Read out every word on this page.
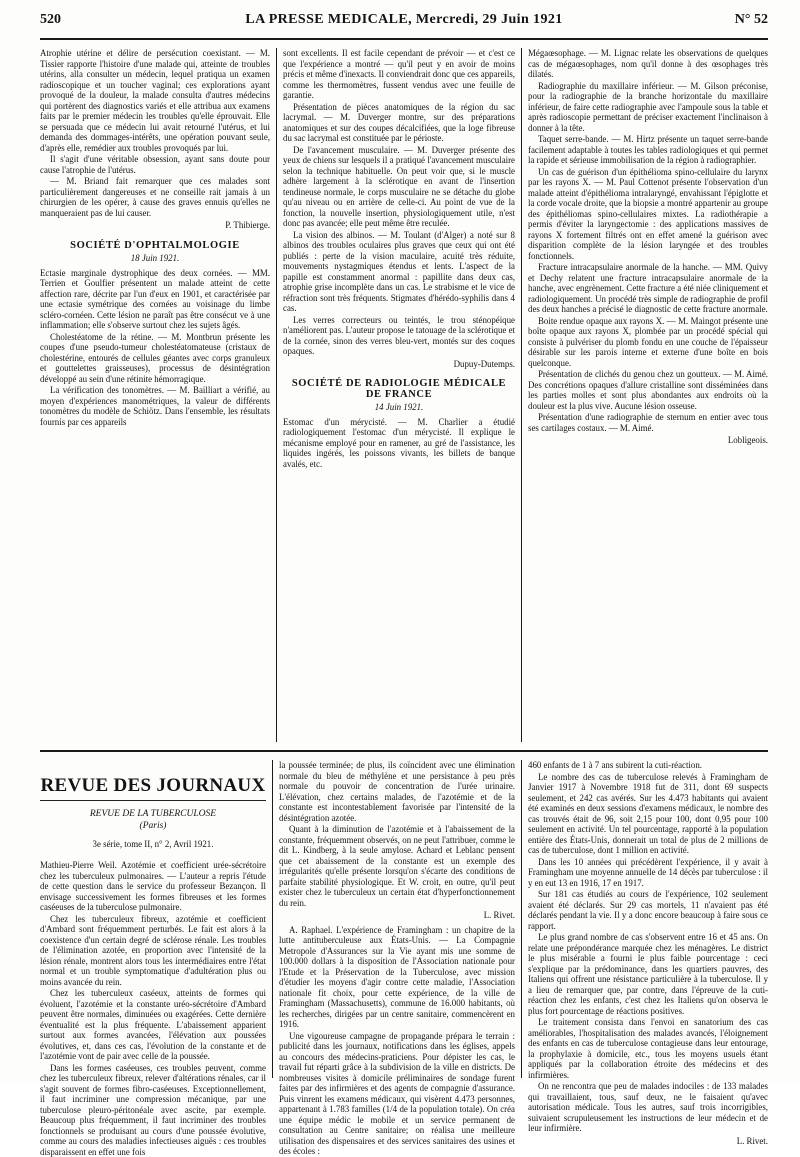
520	LA PRESSE MEDICALE, Mercredi, 29 Juin 1921	N° 52

Atrophie utérine et délire de persécution coexistant. — M. Tissier rapporte l'histoire d'une malade qui, atteinte de troubles utérins, alla consulter un médecin, lequel pratiqua un examen radioscopique et un toucher vaginal; ces explorations ayant provoqué de la douleur, la malade consulta d'autres médecins qui portèrent des diagnostics variés et elle attribua aux examens faits par le premier médecin les troubles qu'elle éprouvait. Elle se persuada que ce médecin lui avait retourné l'utérus, et lui demanda des dommages-intérêts, une opération pouvant seule, d'après elle, remédier aux troubles provoqués par lui.

Il s'agit d'une véritable obsession, ayant sans doute pour cause l'atrophie de l'utérus.

— M. Briand fait remarquer que ces malades sont particulièrement dangereuses et ne conseille rait jamais à un chirurgien de les opérer, à cause des graves ennuis qu'elles ne manqueraient pas de lui causer.

P. Thibierge.

SOCIÉTÉ D'OPHTALMOLOGIE

18 Juin 1921.

Ectasie marginale dystrophique des deux cornées. — MM. Terrien et Goulfier présentent un malade atteint de cette affection rare, décrite par l'un d'eux en 1901, et caractérisée par une ectasie symétrique des cornées au voisinage du limbe scléro-cornéen. Cette lésion ne paraît pas être consécut ve à une inflammation; elle s'observe surtout chez les sujets âgés.

Cholestéatome de la rétine. — M. Montbrun présente les coupes d'une pseudo-tumeur cholestéatomateuse (cristaux de cholestérine, entourés de cellules géantes avec corps granuleux et gouttelettes graisseuses), processus de désintégration développé au sein d'une rétinite hémorragique.

La vérification des tonomètres. — M. Bailliart a vérifié, au moyen d'expériences manométriques, la valeur de différents tonomètres du modèle de Schiötz. Dans l'ensemble, les résultats fournis par ces appareils

sont excellents. Il est facile cependant de prévoir — et c'est ce que l'expérience a montré — qu'il peut y en avoir de moins précis et même d'inexacts. Il conviendrait donc que ces appareils, comme les thermomètres, fussent vendus avec une feuille de garantie.

Présentation de pièces anatomiques de la région du sac lacrymal. — M. Duverger montre, sur des préparations anatomiques et sur des coupes décalcifiées, que la loge fibreuse du sac lacrymal est constituée par le périoste.

De l'avancement musculaire. — M. Duverger présente des yeux de chiens sur lesquels il a pratiqué l'avancement musculaire selon la technique habituelle. On peut voir que, si le muscle adhère largement à la sclérotique en avant de l'insertion tendineuse normale, le corps musculaire ne se détache du globe qu'au niveau ou en arrière de celle-ci. Au point de vue de la fonction, la nouvelle insertion, physiologiquement utile, n'est donc pas avancée; elle peut même être reculée.

La vision des albinos. — M. Toulant (d'Alger) a noté sur 8 albinos des troubles oculaires plus graves que ceux qui ont été publiés : perte de la vision maculaire, acuité très réduite, mouvements nystagmiques étendus et lents. L'aspect de la papille est constamment anormal : papillite dans deux cas, atrophie grise incomplète dans un cas. Le strabisme et le vice de réfraction sont très fréquents. Stigmates d'hérédo-syphilis dans 4 cas.

Les verres correcteurs ou teintés, le trou sténopéique n'améliorent pas. L'auteur propose le tatouage de la sclérotique et de la cornée, sinon des verres bleu-vert, montés sur des coques opaques.

Dupuy-Dutemps.

SOCIÉTÉ DE RADIOLOGIE MÉDICALE DE FRANCE

14 Juin 1921.

Estomac d'un mérycisté. — M. Charlier a étudié radiologiquement l'estomac d'un mérycisté. Il explique le mécanisme employé pour en ramener, au gré de l'assistance, les liquides ingérés, les poissons vivants, les billets de banque avalés, etc.

Mégaœsophage. — M. Lignac relate les observations de quelques cas de mégaœsophages, nom qu'il donne à des œsophages très dilatés.

Radiographie du maxillaire inférieur. — M. Gilson préconise, pour la radiographie de la branche horizontale du maxillaire inférieur, de faire cette radiographie avec l'ampoule sous la table et après radioscopie permettant de préciser exactement l'inclinaison à donner à la tête.

Taquet serre-bande. — M. Hirtz présente un taquet serre-bande facilement adaptable à toutes les tables radiologiques et qui permet la rapide et sérieuse immobilisation de la région à radiographier.

Un cas de guérison d'un épithélioma spino-cellulaire du larynx par les rayons X. — M. Paul Cottenot présente l'observation d'un malade atteint d'épithélioma intralaryngé, envahissant l'épiglotte et la corde vocale droite, que la biopsie a montré appartenir au groupe des épithéliomas spino-cellulaires mixtes. La radiothérapie a permis d'éviter la laryngectomie : des applications massives de rayons X fortement filtrés ont en effet amené la guérison avec disparition complète de la lésion laryngée et des troubles fonctionnels.

Fracture intracapsulaire anormale de la hanche. — MM. Quivy et Dechy relatent une fracture intracapsulaire anormale de la hanche, avec engrènement. Cette fracture a été niée cliniquement et radiologiquement. Un procédé très simple de radiographie de profil des deux hanches a précisé le diagnostic de cette fracture anormale.

Boite rendue opaque aux rayons X. — M. Maingot présente une boîte opaque aux rayons X, plombée par un procédé spécial qui consiste à pulvériser du plomb fondu en une couche de l'épaisseur désirable sur les parois interne et externe d'une boîte en bois quelconque.

Présentation de clichés du genou chez un goutteux. — M. Aimé. Des concrétions opaques d'allure cristalline sont disséminées dans les parties molles et sont plus abondantes aux endroits où la douleur est la plus vive. Aucune lésion osseuse.

Présentation d'une radiographie de sternum en entier avec tous ses cartilages costaux. — M. Aimé.

Lobligeois.

REVUE DES JOURNAUX
REVUE DE LA TUBERCULOSE
(Paris)
3e série, tome II, n° 2, Avril 1921.

Mathieu-Pierre Weil. Azotémie et coefficient urée-sécrétoire chez les tuberculeux pulmonaires. — L'auteur a repris l'étude de cette question dans le service du professeur Bezançon. Il envisage successivement les formes fibreuses et les formes caséeuses de la tuberculose pulmonaire.

Chez les tuberculeux fibreux, azotémie et coefficient d'Ambard sont fréquemment perturbés. Le fait est alors à la coexistence d'un certain degré de sclérose rénale. Les troubles de l'élimination azotée, en proportion avec l'intensité de la lésion rénale, montrent alors tous les intermédiaires entre l'état normal et un trouble symptomatique d'adultération plus ou moins avancée du rein.

Chez les tuberculeux caséeux, atteints de formes qui évoluent, l'azotémie et la constante uréo-sécrétoire d'Ambard peuvent être normales, diminuées ou exagérées. Cette dernière éventualité est la plus fréquente. L'abaissement apparient surtout aux formes avancées, l'élévation aux poussées évolutives, et, dans ces cas, l'évolution de la constante et de l'azotémie vont de pair avec celle de la poussée.

Dans les formes caséeuses, ces troubles peuvent, comme chez les tuberculeux fibreux, relever d'altérations rénales, car il s'agit souvent de formes fibro-caséeuses. Exceptionnellement, il faut incriminer une compression mécanique, par une tuberculose pleuro-péritonéale avec ascite, par exemple. Beaucoup plus fréquemment, il faut incriminer des troubles fonctionnels se produisant au cours d'une poussée évolutive, comme au cours des maladies infectieuses aiguës : ces troubles disparaissent en effet une fois

la poussée terminée; de plus, ils coïncident avec une élimination normale du bleu de méthylène et une persistance à peu près normale du pouvoir de concentration de l'urée urinaire. L'élévation, chez certains malades, de l'azotémie et de la constante est incontestablement favorisée par l'intensité de la désintégration azotée.

Quant à la diminution de l'azotémie et à l'abaissement de la constante, fréquemment observés, on ne peut l'attribuer, comme le dit L. Kindberg, à la seule amylose. Achard et Leblanc pensent que cet abaissement de la constante est un exemple des irrégularités qu'elle présente lorsqu'on s'écarte des conditions de parfaite stabilité physiologique. Et W. croit, en outre, qu'il peut exister chez le tuberculeux un certain état d'hyperfonctionnement du rein.

L. Rivet.

A. Raphael. L'expérience de Framingham : un chapitre de la lutte antituberculeuse aux États-Unis. — La Compagnie Metropole d'Assurances sur la Vie ayant mis une somme de 100.000 dollars à la disposition de l'Association nationale pour l'Etude et la Préservation de la Tuberculose, avec mission d'étudier les moyens d'agir contre cette maladie, l'Association nationale fit choix, pour cette expérience, de la ville de Framingham (Massachusetts), commune de 16.000 habitants, où les recherches, dirigées par un centre sanitaire, commencèrent en 1916.

Une vigoureuse campagne de propagande prépara le terrain : publicité dans les journaux, notifications dans les églises, appels au concours des médecins-praticiens. Pour dépister les cas, le travail fut réparti grâce à la subdivision de la ville en districts. De nombreuses visites à domicile préliminaires de sondage furent faites par des infirmières et des agents de compagnie d'assurance. Puis vinrent les examens médicaux, qui visèrent 4.473 personnes, appartenant à 1.783 familles (1/4 de la population totale). On créa une équipe médic le mobile et un service permanent de consultation au Centre sanitaire; on réalisa une meilleure utilisation des dispensaires et des services sanitaires des usines et des écoles :

460 enfants de 1 à 7 ans subirent la cuti-réaction.

Le nombre des cas de tuberculose relevés à Framingham de Janvier 1917 à Novembre 1918 fut de 311, dont 69 suspects seulement, et 242 cas avérés. Sur les 4.473 habitants qui avaient été examinés en deux sessions d'examens médicaux, le nombre des cas trouvés était de 96, soit 2,15 pour 100, dont 0,95 pour 100 seulement en activité. Un tel pourcentage, rapporté à la population entière des États-Unis, donnerait un total de plus de 2 millions de cas de tuberculose, dont 1 million en activité.

Dans les 10 années qui précédèrent l'expérience, il y avait à Framingham une moyenne annuelle de 14 décès par tuberculose : il y en eut 13 en 1916, 17 en 1917.

Sur 181 cas étudiés au cours de l'expérience, 102 seulement avaient été déclarés. Sur 29 cas mortels, 11 n'avaient pas été déclarés pendant la vie. Il y a donc encore beaucoup à faire sous ce rapport.

Le plus grand nombre de cas s'observent entre 16 et 45 ans. On relate une prépondérance marquée chez les ménagères. Le district le plus misérable a fourni le plus faible pourcentage : ceci s'explique par la prédominance, dans les quartiers pauvres, des Italiens qui offrent une résistance particulière à la tuberculose. Il y a lieu de remarquer que, par contre, dans l'épreuve de la cuti-réaction chez les enfants, c'est chez les Italiens qu'on observa le plus fort pourcentage de réactions positives.

Le traitement consista dans l'envoi en sanatorium des cas améliorables, l'hospitalisation des malades avancés, l'éloignement des enfants en cas de tuberculose contagieuse dans leur entourage, la prophylaxie à domicile, etc., tous les moyens usuels étant appliqués par la collaboration étroite des médecins et des infirmières.

On ne rencontra que peu de malades indociles : de 133 malades qui travaillaient, tous, sauf deux, ne le faisaient qu'avec autorisation médicale. Tous les autres, sauf trois incorrigibles, suivaient scrupuleusement les instructions de leur médecin et de leur infirmière.

L. Rivet.
